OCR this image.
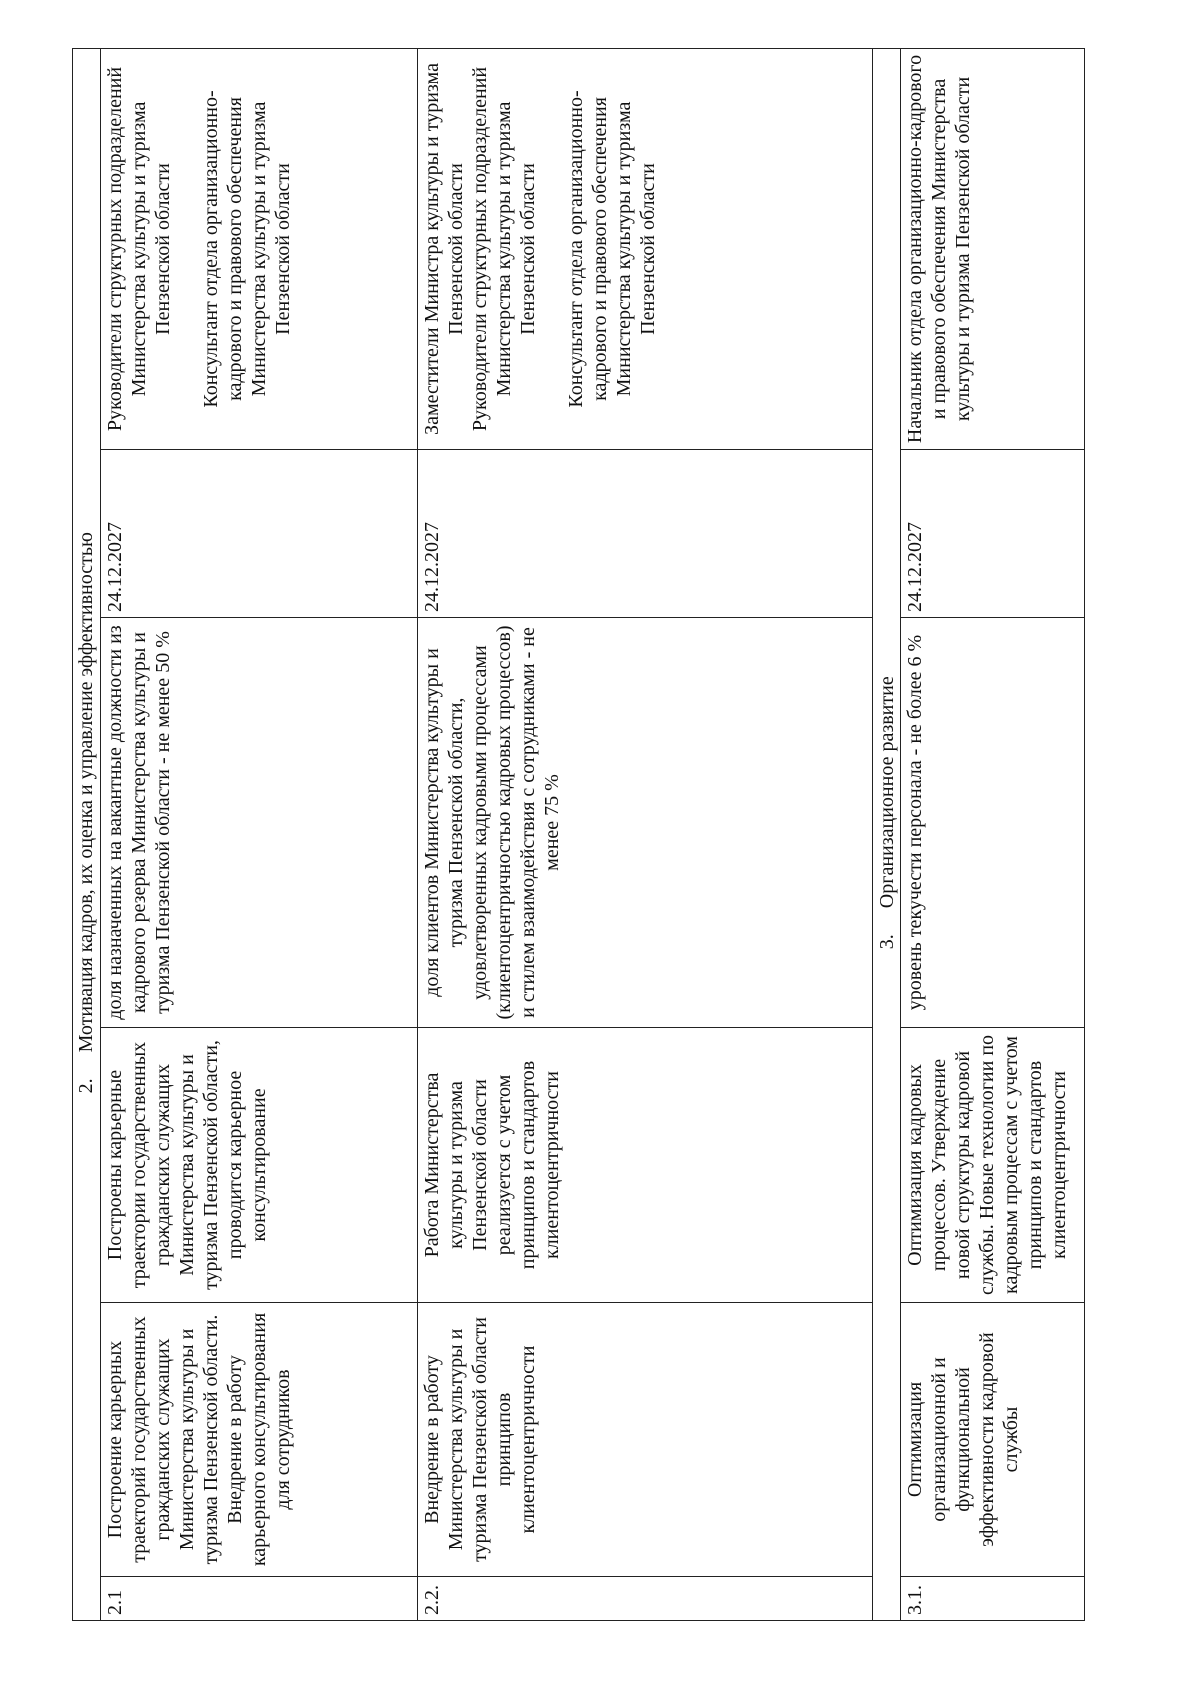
	2.Мотивация кадров, их оценка и управление эффективностью				
2.1	Построение карьерных траекторий государственных гражданских служащих Министерства культуры и туризма Пензенской области. Внедрение в работу карьерного консультирования для сотрудников	Построены карьерные траектории государственных гражданских служащих Министерства культуры и туризма Пензенской области, проводится карьерное консультирование	доля назначенных на вакантные должности из кадрового резерва Министерства культуры и туризма Пензенской области - не менее 50 %	24.12.2027	Руководители структурных подразделений Министерства культуры и туризма Пензенской области

Консультант отдела организационно-кадрового и правового обеспечения Министерства культуры и туризма Пензенской области
2.2.	Внедрение в работу Министерства культуры и туризма Пензенской области принципов клиентоцентричности	Работа Министерства культуры и туризма Пензенской области реализуется с учетом принципов и стандартов клиентоцентричности	доля клиентов Министерства культуры и туризма Пензенской области, удовлетворенных кадровыми процессами (клиентоцентричностью кадровых процессов) и стилем взаимодействия с сотрудниками - не менее 75 %	24.12.2027	Заместители Министра культуры и туризма Пензенской области
Руководители структурных подразделений Министерства культуры и туризма Пензенской области

Консультант отдела организационно-кадрового и правового обеспечения Министерства культуры и туризма Пензенской области
	3.Организационное развитие				
3.1.	Оптимизация организационной и функциональной эффективности кадровой службы	Оптимизация кадровых процессов. Утверждение новой структуры кадровой службы. Новые технологии по кадровым процессам с учетом принципов и стандартов клиентоцентричности	уровень текучести персонала - не более 6 %	24.12.2027	Начальник отдела организационно-кадрового и правового обеспечения Министерства культуры и туризма Пензенской области
